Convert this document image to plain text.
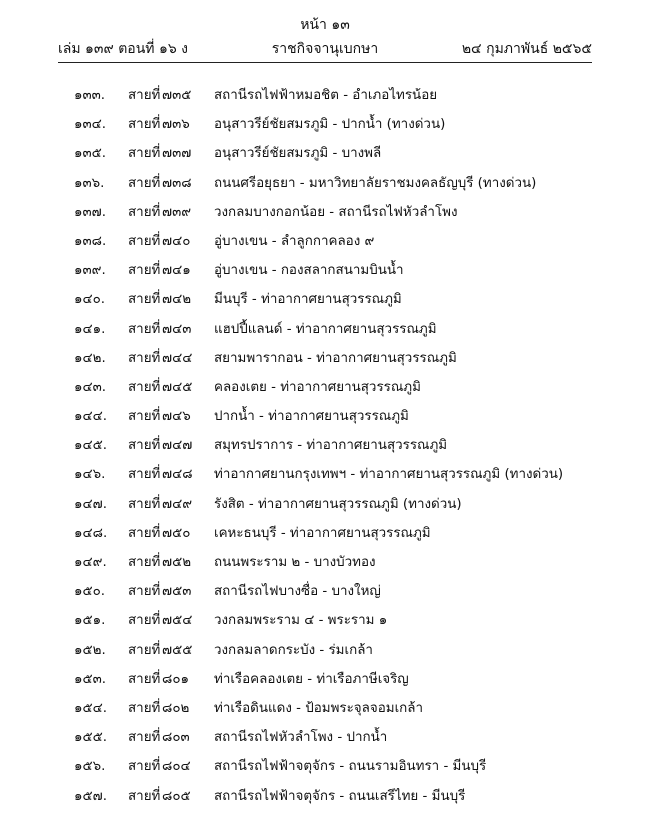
หน้า ๑๓
เล่ม ๑๓๙ ตอนที่ ๑๖ ง	ราชกิจจานุเบกษา	๒๔ กุมภาพันธ์ ๒๕๖๕
๑๓๓. สายที่ ๗๓๕ สถานีรถไฟฟ้าหมอชิต - อำเภอไทรน้อย
๑๓๔. สายที่ ๗๓๖ อนุสาวรีย์ชัยสมรภูมิ - ปากน้ำ (ทางด่วน)
๑๓๕. สายที่ ๗๓๗ อนุสาวรีย์ชัยสมรภูมิ - บางพลี
๑๓๖. สายที่ ๗๓๘ ถนนศรีอยุธยา - มหาวิทยาลัยราชมงคลธัญบุรี (ทางด่วน)
๑๓๗. สายที่ ๗๓๙ วงกลมบางกอกน้อย - สถานีรถไฟหัวลำโพง
๑๓๘. สายที่ ๗๔๐ อู่บางเขน - ลำลูกกาคลอง ๙
๑๓๙. สายที่ ๗๔๑ อู่บางเขน - กองสลากสนามบินน้ำ
๑๔๐. สายที่ ๗๔๒ มีนบุรี - ท่าอากาศยานสุวรรณภูมิ
๑๔๑. สายที่ ๗๔๓ แฮปปี้แลนด์ - ท่าอากาศยานสุวรรณภูมิ
๑๔๒. สายที่ ๗๔๔ สยามพารากอน - ท่าอากาศยานสุวรรณภูมิ
๑๔๓. สายที่ ๗๔๕ คลองเตย - ท่าอากาศยานสุวรรณภูมิ
๑๔๔. สายที่ ๗๔๖ ปากน้ำ - ท่าอากาศยานสุวรรณภูมิ
๑๔๕. สายที่ ๗๔๗ สมุทรปราการ - ท่าอากาศยานสุวรรณภูมิ
๑๔๖. สายที่ ๗๔๘ ท่าอากาศยานกรุงเทพฯ - ท่าอากาศยานสุวรรณภูมิ (ทางด่วน)
๑๔๗. สายที่ ๗๔๙ รังสิต - ท่าอากาศยานสุวรรณภูมิ (ทางด่วน)
๑๔๘. สายที่ ๗๕๐ เคหะธนบุรี - ท่าอากาศยานสุวรรณภูมิ
๑๔๙. สายที่ ๗๕๒ ถนนพระราม ๒ - บางบัวทอง
๑๕๐. สายที่ ๗๕๓ สถานีรถไฟบางซื่อ - บางใหญ่
๑๕๑. สายที่ ๗๕๔ วงกลมพระราม ๔ - พระราม ๑
๑๕๒. สายที่ ๗๕๕ วงกลมลาดกระบัง - ร่มเกล้า
๑๕๓. สายที่ ๘๐๑ ท่าเรือคลองเตย - ท่าเรือภาษีเจริญ
๑๕๔. สายที่ ๘๐๒ ท่าเรือดินแดง - ป้อมพระจุลจอมเกล้า
๑๕๕. สายที่ ๘๐๓ สถานีรถไฟหัวลำโพง - ปากน้ำ
๑๕๖. สายที่ ๘๐๔ สถานีรถไฟฟ้าจตุจักร - ถนนรามอินทรา - มีนบุรี
๑๕๗. สายที่ ๘๐๕ สถานีรถไฟฟ้าจตุจักร - ถนนเสรีไทย - มีนบุรี
